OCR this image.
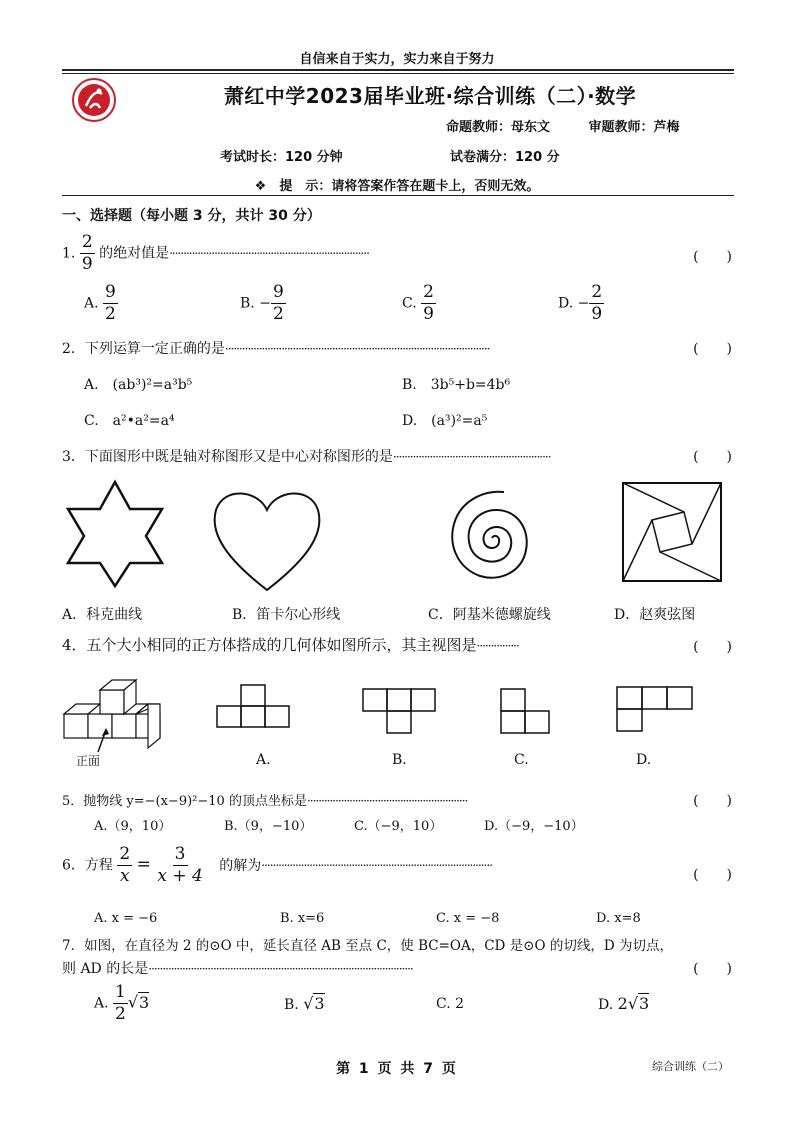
自信来自于实力，实力来自于努力
萧红中学2023届毕业班·综合训练（二）·数学
命题教师：母东文	审题教师：芦梅
考试时长：120 分钟	试卷满分：120 分
❖　提　示：请将答案作答在题卡上，否则无效。
一、选择题（每小题 3 分，共计 30 分）
1. $\frac{2}{9}$ 的绝对值是·······································································	(　　)
A. $\frac{9}{2}$	B. − $\frac{9}{2}$	C. $\frac{2}{9}$	D. − $\frac{2}{9}$
2．下列运算一定正确的是······························································································	(　　)
A.　(ab³)²=a³b⁵	B.　3b⁵+b=4b⁶
C.　a²•a²=a⁴	D.　(a³)²=a⁵
3．下面图形中既是轴对称图形又是中心对称图形的是························································	(　　)
A．科克曲线	B．笛卡尔心形线	C．阿基米德螺旋线	D．赵爽弦图
4．五个大小相同的正方体搭成的几何体如图所示，其主视图是···············	(　　)
正面	A.	B.	C.	D.
5．抛物线 y=−(x−9)²−10 的顶点坐标是·························································	(　　)
A.（9，10）	B.（9，−10）	C.（−9，10）	D.（−9，−10）
6．方程 $\frac{2}{x} = \frac{3}{x + 4}$ 的解为··················································································
(　　)
A. x = −6	B. x=6	C. x = −8	D. x=8
7．如图，在直径为 2 的⊙O 中，延长直径 AB 至点 C，使 BC=OA，CD 是⊙O 的切线，D 为切点，
则 AD 的长是······························································································	(　　)
A. $\frac{1}{2} √3$	B. √3	C. 2	D. 2√3
第 1 页 共 7 页	综合训练（二）
